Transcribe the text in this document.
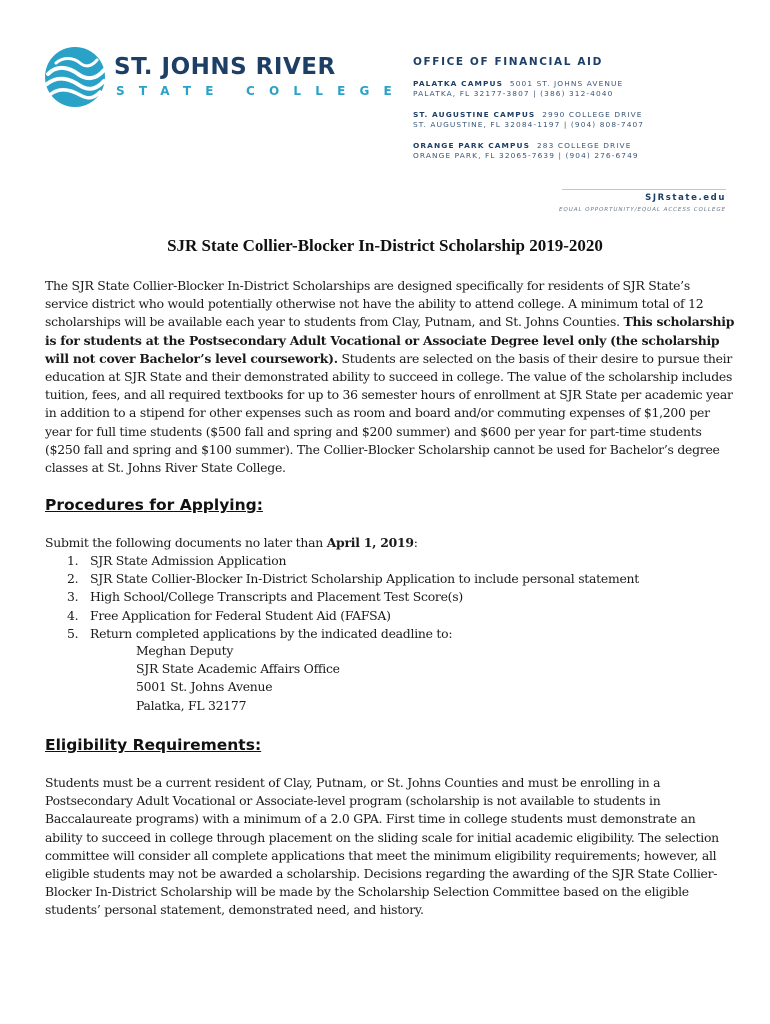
ST. JOHNS RIVER
STATE COLLEGE
OFFICE OF FINANCIAL AID
PALATKA CAMPUS 5001 ST. JOHNS AVENUE
PALATKA, FL 32177-3807 | (386) 312-4040
ST. AUGUSTINE CAMPUS 2990 COLLEGE DRIVE
ST. AUGUSTINE, FL 32084-1197 | (904) 808-7407
ORANGE PARK CAMPUS 283 COLLEGE DRIVE
ORANGE PARK, FL 32065-7639 | (904) 276-6749
SJRstate.edu
EQUAL OPPORTUNITY/EQUAL ACCESS COLLEGE
SJR State Collier-Blocker In-District Scholarship 2019-2020
The SJR State Collier-Blocker In-District Scholarships are designed specifically for residents of SJR State’s service district who would potentially otherwise not have the ability to attend college. A minimum total of 12 scholarships will be available each year to students from Clay, Putnam, and St. Johns Counties. This scholarship is for students at the Postsecondary Adult Vocational or Associate Degree level only (the scholarship will not cover Bachelor’s level coursework). Students are selected on the basis of their desire to pursue their education at SJR State and their demonstrated ability to succeed in college. The value of the scholarship includes tuition, fees, and all required textbooks for up to 36 semester hours of enrollment at SJR State per academic year in addition to a stipend for other expenses such as room and board and/or commuting expenses of $1,200 per year for full time students ($500 fall and spring and $200 summer) and $600 per year for part-time students ($250 fall and spring and $100 summer). The Collier-Blocker Scholarship cannot be used for Bachelor’s degree classes at St. Johns River State College.
Procedures for Applying:
Submit the following documents no later than April 1, 2019:
1. SJR State Admission Application
2. SJR State Collier-Blocker In-District Scholarship Application to include personal statement
3. High School/College Transcripts and Placement Test Score(s)
4. Free Application for Federal Student Aid (FAFSA)
5. Return completed applications by the indicated deadline to:
Meghan Deputy
SJR State Academic Affairs Office
5001 St. Johns Avenue
Palatka, FL 32177
Eligibility Requirements:
Students must be a current resident of Clay, Putnam, or St. Johns Counties and must be enrolling in a Postsecondary Adult Vocational or Associate-level program (scholarship is not available to students in Baccalaureate programs) with a minimum of a 2.0 GPA. First time in college students must demonstrate an ability to succeed in college through placement on the sliding scale for initial academic eligibility. The selection committee will consider all complete applications that meet the minimum eligibility requirements; however, all eligible students may not be awarded a scholarship. Decisions regarding the awarding of the SJR State Collier-Blocker In-District Scholarship will be made by the Scholarship Selection Committee based on the eligible students’ personal statement, demonstrated need, and history.
